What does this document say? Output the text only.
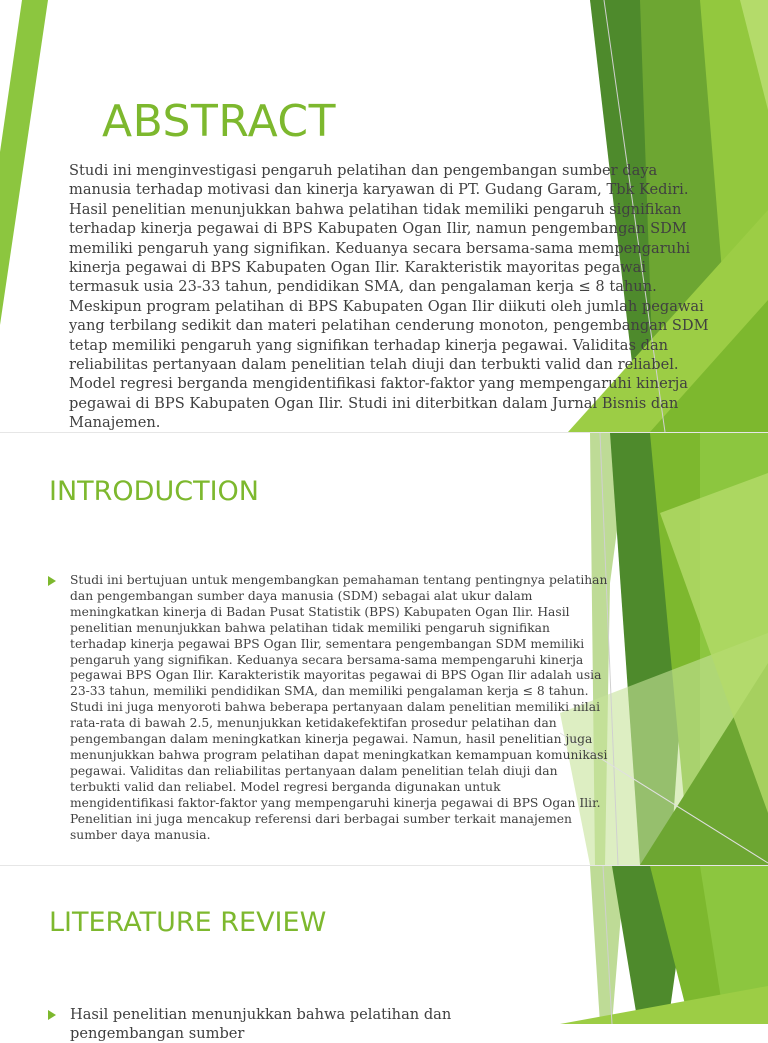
ABSTRACT

Studi ini menginvestigasi pengaruh pelatihan dan pengembangan sumber daya manusia terhadap motivasi dan kinerja karyawan di PT. Gudang Garam, Tbk Kediri. Hasil penelitian menunjukkan bahwa pelatihan tidak memiliki pengaruh signifikan terhadap kinerja pegawai di BPS Kabupaten Ogan Ilir, namun pengembangan SDM memiliki pengaruh yang signifikan. Keduanya secara bersama-sama mempengaruhi kinerja pegawai di BPS Kabupaten Ogan Ilir. Karakteristik mayoritas pegawai termasuk usia 23-33 tahun, pendidikan SMA, dan pengalaman kerja ≤ 8 tahun. Meskipun program pelatihan di BPS Kabupaten Ogan Ilir diikuti oleh jumlah pegawai yang terbilang sedikit dan materi pelatihan cenderung monoton, pengembangan SDM tetap memiliki pengaruh yang signifikan terhadap kinerja pegawai. Validitas dan reliabilitas pertanyaan dalam penelitian telah diuji dan terbukti valid dan reliabel. Model regresi berganda mengidentifikasi faktor-faktor yang mempengaruhi kinerja pegawai di BPS Kabupaten Ogan Ilir. Studi ini diterbitkan dalam Jurnal Bisnis dan Manajemen.

INTRODUCTION

Studi ini bertujuan untuk mengembangkan pemahaman tentang pentingnya pelatihan dan pengembangan sumber daya manusia (SDM) sebagai alat ukur dalam meningkatkan kinerja di Badan Pusat Statistik (BPS) Kabupaten Ogan Ilir. Hasil penelitian menunjukkan bahwa pelatihan tidak memiliki pengaruh signifikan terhadap kinerja pegawai BPS Ogan Ilir, sementara pengembangan SDM memiliki pengaruh yang signifikan. Keduanya secara bersama-sama mempengaruhi kinerja pegawai BPS Ogan Ilir. Karakteristik mayoritas pegawai di BPS Ogan Ilir adalah usia 23-33 tahun, memiliki pendidikan SMA, dan memiliki pengalaman kerja ≤ 8 tahun. Studi ini juga menyoroti bahwa beberapa pertanyaan dalam penelitian memiliki nilai rata-rata di bawah 2.5, menunjukkan ketidakefektifan prosedur pelatihan dan pengembangan dalam meningkatkan kinerja pegawai. Namun, hasil penelitian juga menunjukkan bahwa program pelatihan dapat meningkatkan kemampuan komunikasi pegawai. Validitas dan reliabilitas pertanyaan dalam penelitian telah diuji dan terbukti valid dan reliabel. Model regresi berganda digunakan untuk mengidentifikasi faktor-faktor yang mempengaruhi kinerja pegawai di BPS Ogan Ilir. Penelitian ini juga mencakup referensi dari berbagai sumber terkait manajemen sumber daya manusia.

LITERATURE REVIEW

Hasil penelitian menunjukkan bahwa pelatihan dan pengembangan sumber
